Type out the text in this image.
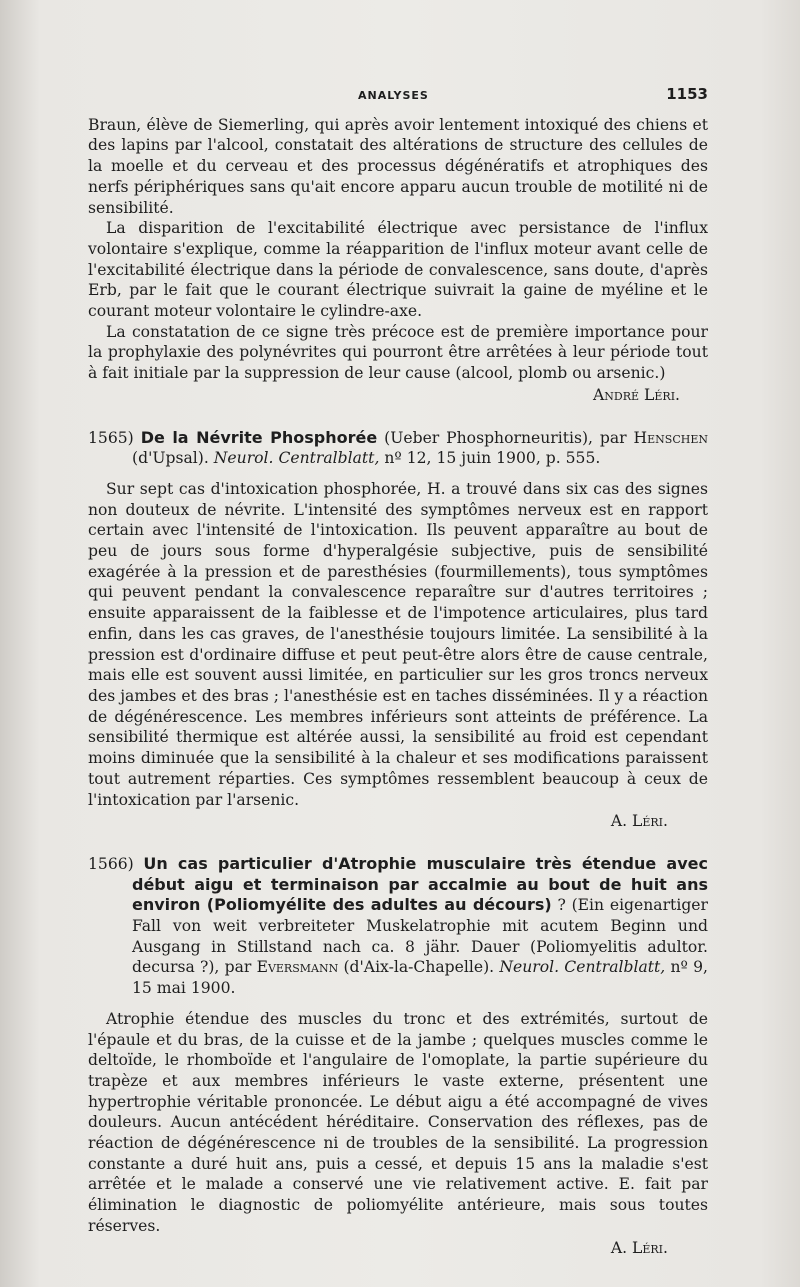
ANALYSES	1153

Braun, élève de Siemerling, qui après avoir lentement intoxiqué des chiens et des lapins par l'alcool, constatait des altérations de structure des cellules de la moelle et du cerveau et des processus dégénératifs et atrophiques des nerfs périphériques sans qu'ait encore apparu aucun trouble de motilité ni de sensibilité.

La disparition de l'excitabilité électrique avec persistance de l'influx volontaire s'explique, comme la réapparition de l'influx moteur avant celle de l'excitabilité électrique dans la période de convalescence, sans doute, d'après Erb, par le fait que le courant électrique suivrait la gaine de myéline et le courant moteur volontaire le cylindre-axe.

La constatation de ce signe très précoce est de première importance pour la prophylaxie des polynévrites qui pourront être arrêtées à leur période tout à fait initiale par la suppression de leur cause (alcool, plomb ou arsenic.)

André Léri.
1565) De la Névrite Phosphorée (Ueber Phosphorneuritis), par Henschen (d'Upsal). Neurol. Centralblatt, nº 12, 15 juin 1900, p. 555.

Sur sept cas d'intoxication phosphorée, H. a trouvé dans six cas des signes non douteux de névrite. L'intensité des symptômes nerveux est en rapport certain avec l'intensité de l'intoxication. Ils peuvent apparaître au bout de peu de jours sous forme d'hyperalgésie subjective, puis de sensibilité exagérée à la pression et de paresthésies (fourmillements), tous symptômes qui peuvent pendant la convalescence reparaître sur d'autres territoires ; ensuite apparaissent de la faiblesse et de l'impotence articulaires, plus tard enfin, dans les cas graves, de l'anesthésie toujours limitée. La sensibilité à la pression est d'ordinaire diffuse et peut peut-être alors être de cause centrale, mais elle est souvent aussi limitée, en particulier sur les gros troncs nerveux des jambes et des bras ; l'anesthésie est en taches disséminées. Il y a réaction de dégénérescence. Les membres inférieurs sont atteints de préférence. La sensibilité thermique est altérée aussi, la sensibilité au froid est cependant moins diminuée que la sensibilité à la chaleur et ses modifications paraissent tout autrement réparties. Ces symptômes ressemblent beaucoup à ceux de l'intoxication par l'arsenic.

A. Léri.
1566) Un cas particulier d'Atrophie musculaire très étendue avec début aigu et terminaison par accalmie au bout de huit ans environ (Poliomyélite des adultes au décours) ? (Ein eigenartiger Fall von weit verbreiteter Muskelatrophie mit acutem Beginn und Ausgang in Stillstand nach ca. 8 jähr. Dauer (Poliomyelitis adultor. decursa ?), par Eversmann (d'Aix-la-Chapelle). Neurol. Centralblatt, nº 9, 15 mai 1900.

Atrophie étendue des muscles du tronc et des extrémités, surtout de l'épaule et du bras, de la cuisse et de la jambe ; quelques muscles comme le deltoïde, le rhomboïde et l'angulaire de l'omoplate, la partie supérieure du trapèze et aux membres inférieurs le vaste externe, présentent une hypertrophie véritable prononcée. Le début aigu a été accompagné de vives douleurs. Aucun antécédent héréditaire. Conservation des réflexes, pas de réaction de dégénérescence ni de troubles de la sensibilité. La progression constante a duré huit ans, puis a cessé, et depuis 15 ans la maladie s'est arrêtée et le malade a conservé une vie relativement active. E. fait par élimination le diagnostic de poliomyélite antérieure, mais sous toutes réserves.

A. Léri.
